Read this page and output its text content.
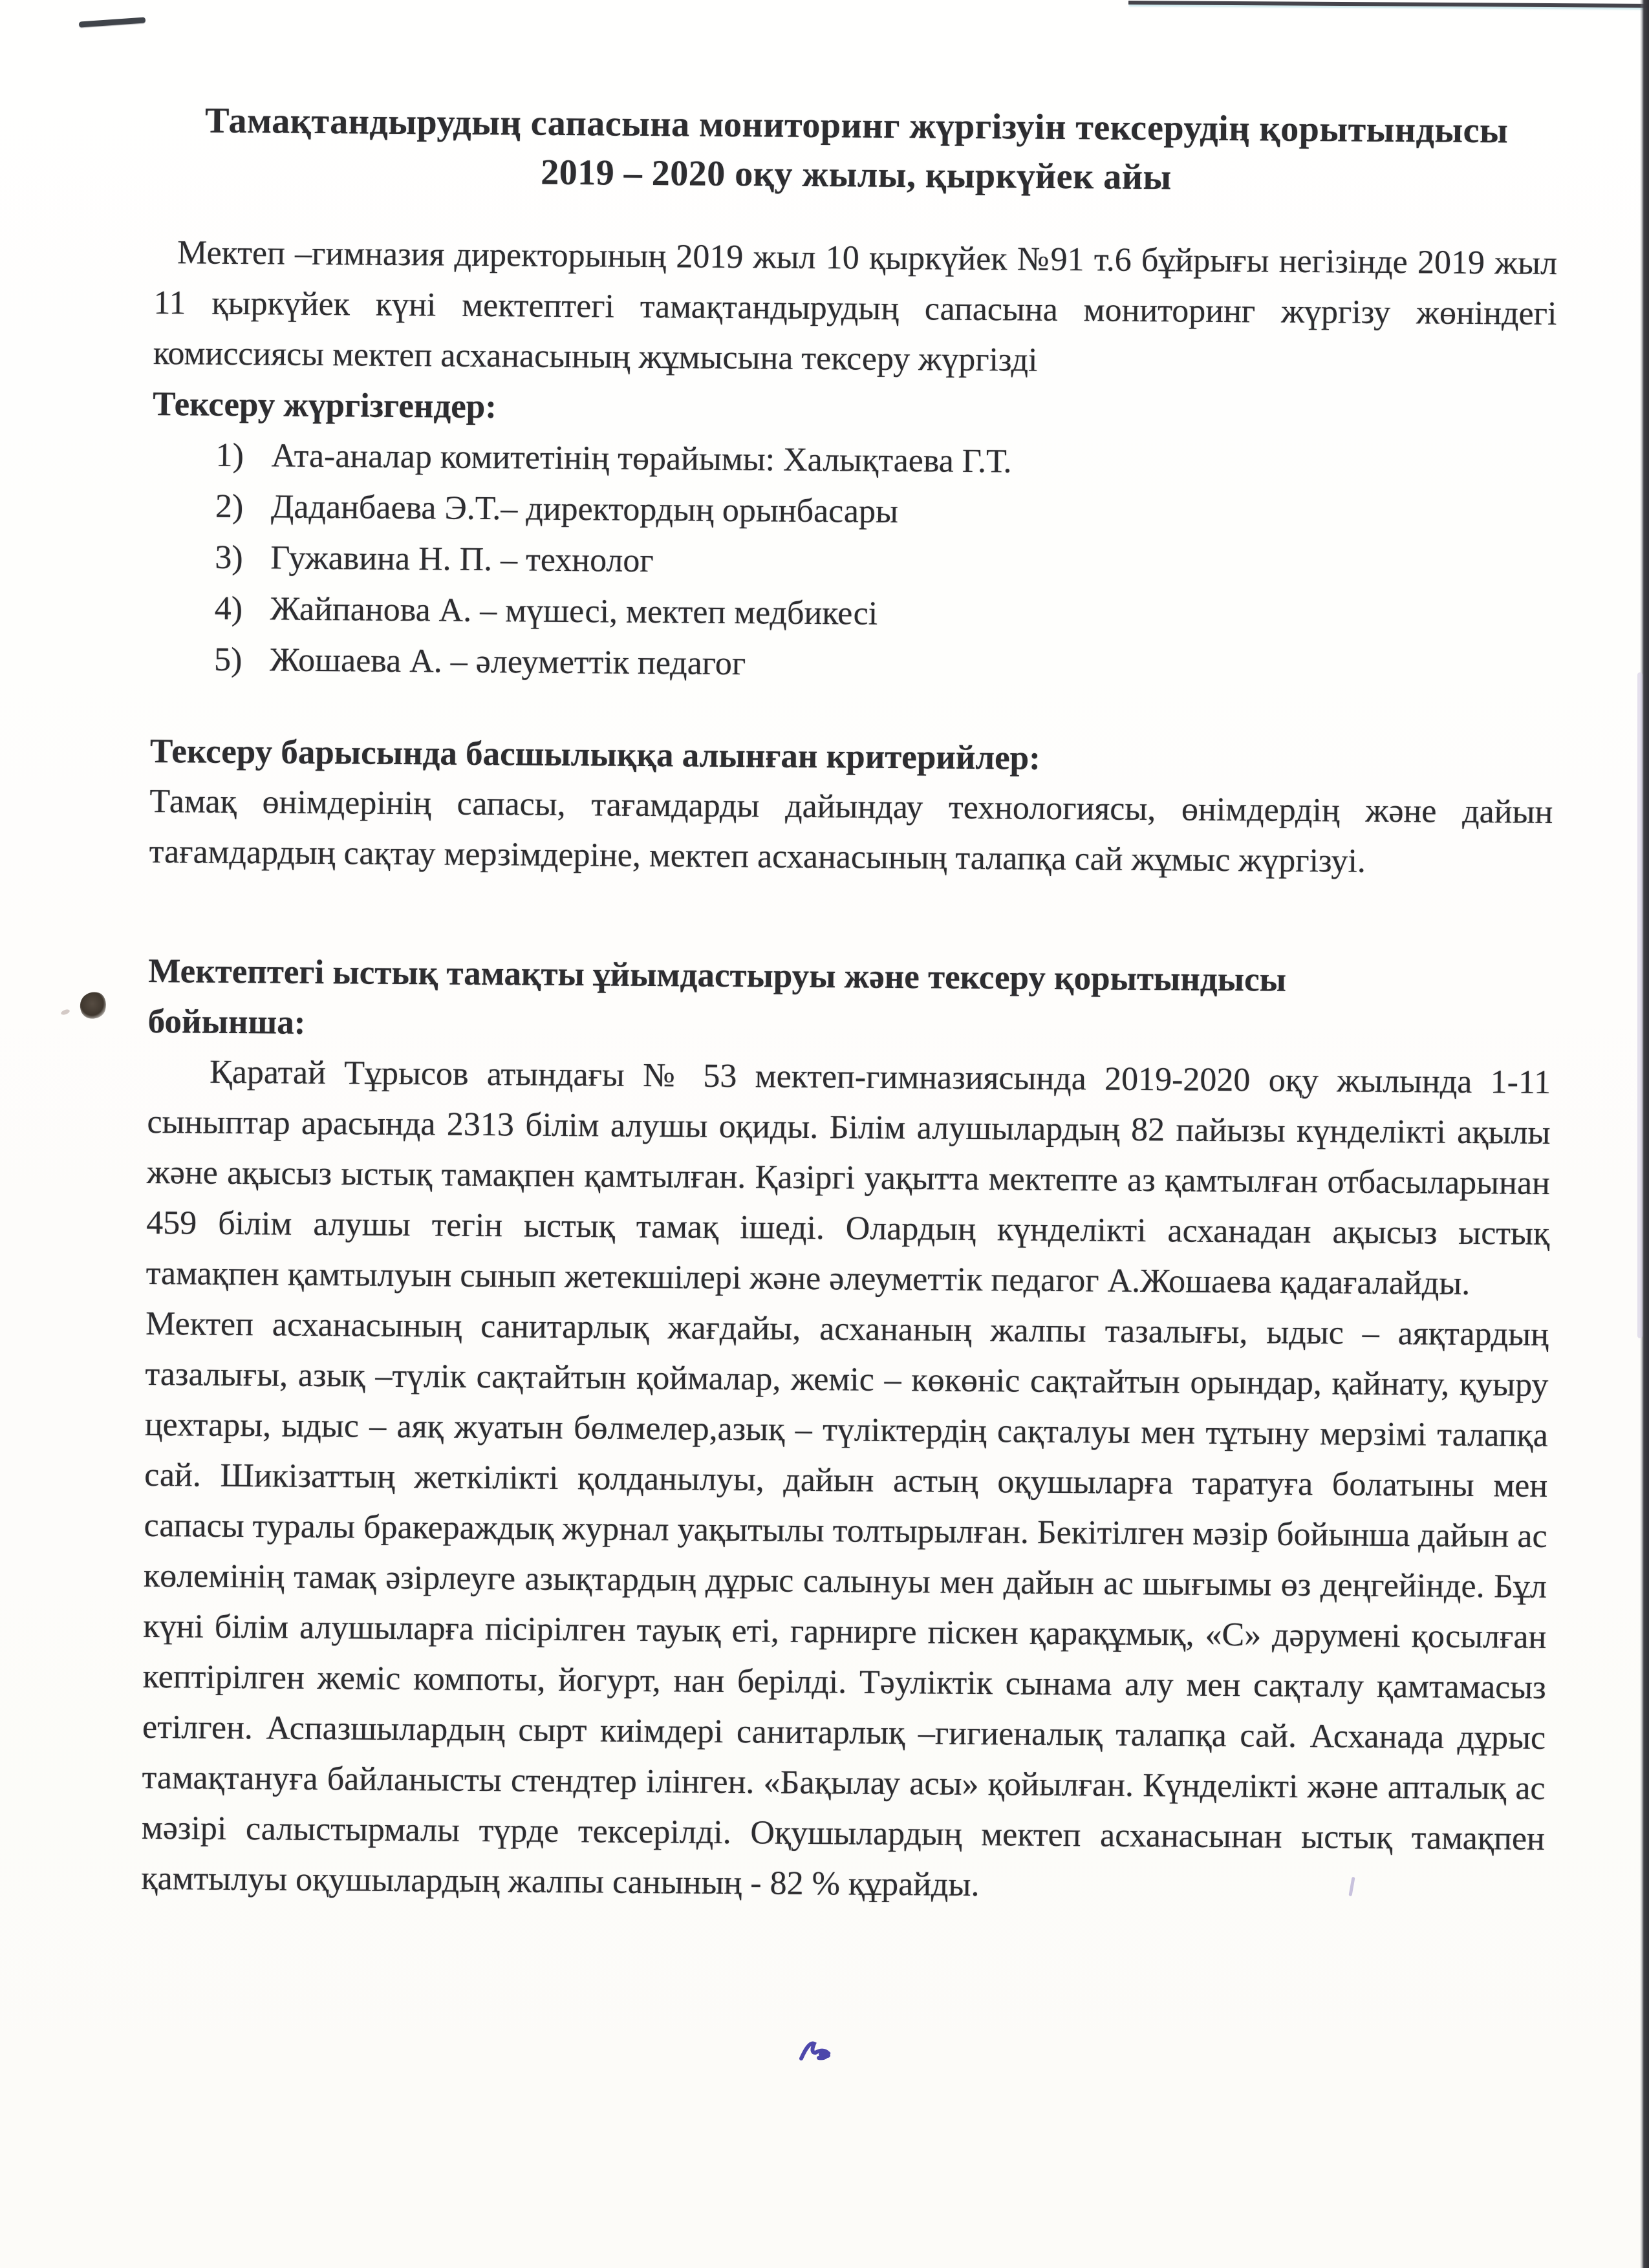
Тамақтандырудың сапасына мониторинг жүргізуін тексерудің қорытындысы
2019 – 2020 оқу жылы, қыркүйек айы

Мектеп –гимназия директорының 2019 жыл 10 қыркүйек №91 т.6 бұйрығы негізінде 2019 жыл 11 қыркүйек күні мектептегі тамақтандырудың сапасына мониторинг жүргізу жөніндегі комиссиясы мектеп асханасының жұмысына тексеру жүргізді

Тексеру жүргізгендер:
1) Ата-аналар комитетінің төрайымы: Халықтаева Г.Т.
2) Даданбаева Э.Т.– директордың орынбасары
3) Гужавина Н. П. – технолог
4) Жайпанова А. – мүшесі, мектеп медбикесі
5) Жошаева А. – әлеуметтік педагог
Тексеру барысында басшылыққа алынған критерийлер:

Тамақ өнімдерінің сапасы, тағамдарды дайындау технологиясы, өнімдердің және дайын тағамдардың сақтау мерзімдеріне, мектеп асханасының талапқа сай жұмыс жүргізуі.

Мектептегі ыстық тамақты ұйымдастыруы және тексеру қорытындысы
бойынша:

Қаратай Тұрысов атындағы № 53 мектеп-гимназиясында 2019-2020 оқу жылында 1-11 сыныптар арасында 2313 білім алушы оқиды. Білім алушылардың 82 пайызы күнделікті ақылы және ақысыз ыстық тамақпен қамтылған. Қазіргі уақытта мектепте аз қамтылған отбасыларынан 459 білім алушы тегін ыстық тамақ ішеді. Олардың күнделікті асханадан ақысыз ыстық тамақпен қамтылуын сынып жетекшілері және әлеуметтік педагог А.Жошаева қадағалайды.

Мектеп асханасының санитарлық жағдайы, асхананың жалпы тазалығы, ыдыс – аяқтардың тазалығы, азық –түлік сақтайтын қоймалар, жеміс – көкөніс сақтайтын орындар, қайнату, қуыру цехтары, ыдыс – аяқ жуатын бөлмелер,азық – түліктердің сақталуы мен тұтыну мерзімі талапқа сай. Шикізаттың жеткілікті қолданылуы, дайын астың оқушыларға таратуға болатыны мен сапасы туралы бракераждық журнал уақытылы толтырылған. Бекітілген мәзір бойынша дайын ас көлемінің тамақ әзірлеуге азықтардың дұрыс салынуы мен дайын ас шығымы өз деңгейінде. Бұл күні білім алушыларға пісірілген тауық еті, гарнирге піскен қарақұмық, «С» дәрумені қосылған кептірілген жеміс компоты, йогурт, нан берілді. Тәуліктік сынама алу мен сақталу қамтамасыз етілген. Аспазшылардың сырт киімдері санитарлық –гигиеналық талапқа сай. Асханада дұрыс тамақтануға байланысты стендтер ілінген. «Бақылау асы» қойылған. Күнделікті және апталық ас мәзірі салыстырмалы түрде тексерілді. Оқушылардың мектеп асханасынан ыстық тамақпен қамтылуы оқушылардың жалпы санының - 82 % құрайды.
